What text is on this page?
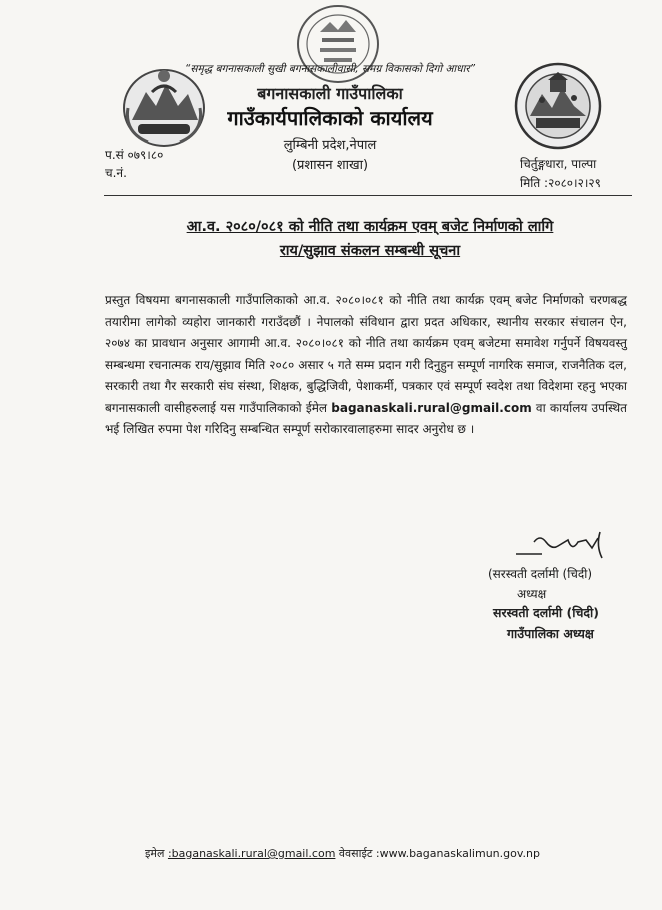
“समृद्ध बगनासकाली सुखी बगनासकालीवासी, समग्र विकासको दिगो आधार”
बगनासकाली गाउँपालिका
गाउँकार्यपालिकाको कार्यालय
लुम्बिनी प्रदेश,नेपाल
(प्रशासन शाखा)
प.सं ०७९।८०
च.नं.
चिर्तुङ्गधारा, पाल्पा
मिति :२०८०।२।२९
आ.व. २०८०/०८१ को नीति तथा कार्यक्रम एवम् बजेट निर्माणको लागि
राय/सुझाव संकलन सम्बन्धी सूचना
प्रस्तुत विषयमा बगनासकाली गाउँपालिकाको आ.व. २०८०।०८१ को नीति तथा कार्यक्र एवम् बजेट निर्माणको चरणबद्ध तयारीमा लागेको व्यहोरा जानकारी गराउँदछौं । नेपालको संविधान द्वारा प्रदत अधिकार, स्थानीय सरकार संचालन ऐन, २०७४ का प्रावधान अनुसार आगामी आ.व. २०८०।०८१ को नीति तथा कार्यक्रम एवम् बजेटमा समावेश गर्नुपर्ने विषयवस्तु सम्बन्धमा रचनात्मक राय/सुझाव मिति २०८० असार ५ गते सम्म प्रदान गरी दिनुहुन सम्पूर्ण नागरिक समाज, राजनैतिक दल, सरकारी तथा गैर सरकारी संघ संस्था, शिक्षक, बुद्धिजिवी, पेशाकर्मी, पत्रकार एवं सम्पूर्ण स्वदेश तथा विदेशमा रहनु भएका बगनासकाली वासीहरुलाई यस गाउँपालिकाको ईमेल baganaskali.rural@gmail.com वा कार्यालय उपस्थित भई लिखित रुपमा पेश गरिदिनु सम्बन्धित सम्पूर्ण सरोकारवालाहरुमा सादर अनुरोध छ ।
(सरस्वती दर्लामी (चिदी)
अध्यक्ष
सरस्वती दर्लामी (चिदी)
गाउँपालिका अध्यक्ष
इमेल :baganaskali.rural@gmail.com वेवसाईट :www.baganaskalimun.gov.np
